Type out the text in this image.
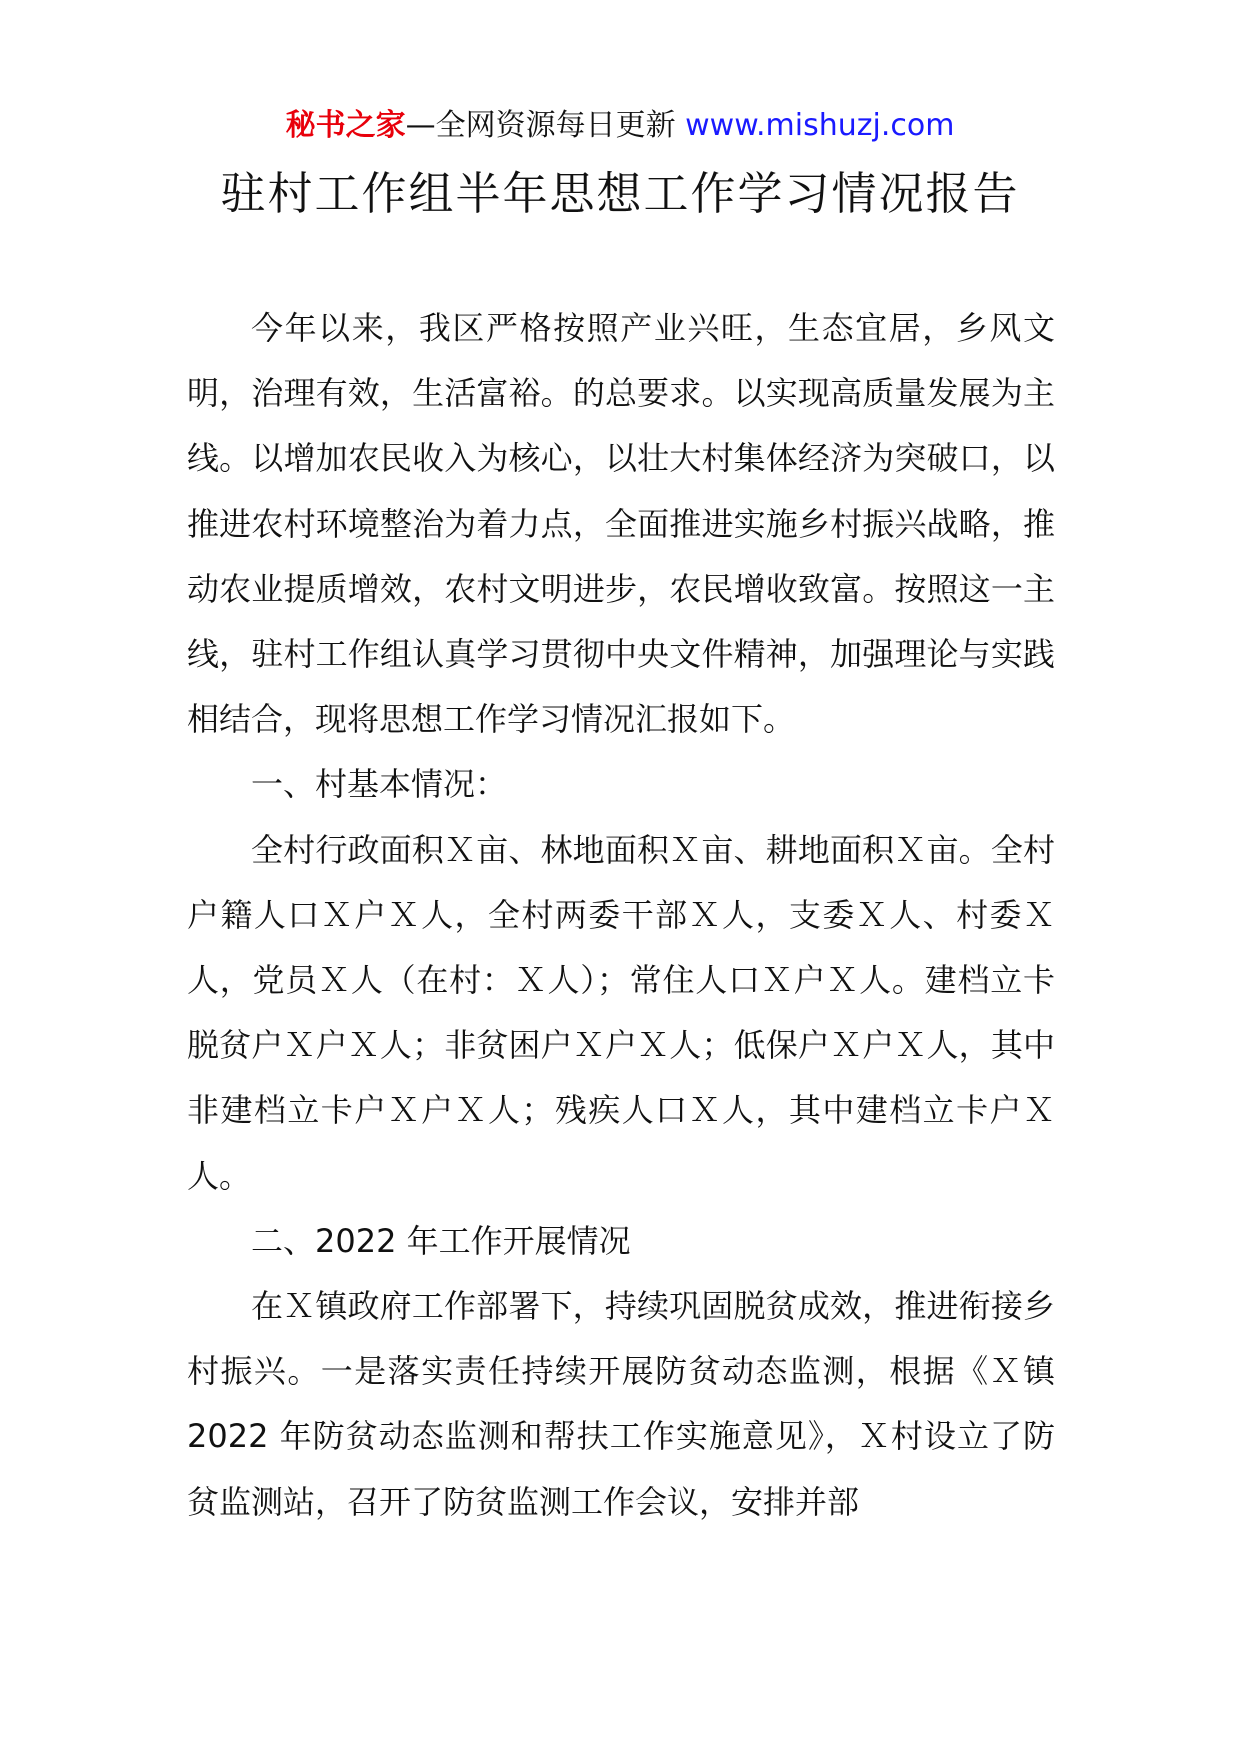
秘书之家—全网资源每日更新 www.mishuzj.com
驻村工作组半年思想工作学习情况报告

今年以来，我区严格按照产业兴旺，生态宜居，乡风文明，治理有效，生活富裕。的总要求。以实现高质量发展为主线。以增加农民收入为核心，以壮大村集体经济为突破口，以推进农村环境整治为着力点，全面推进实施乡村振兴战略，推动农业提质增效，农村文明进步，农民增收致富。按照这一主线，驻村工作组认真学习贯彻中央文件精神，加强理论与实践相结合，现将思想工作学习情况汇报如下。

一、村基本情况：

全村行政面积Ｘ亩、林地面积Ｘ亩、耕地面积Ｘ亩。全村户籍人口Ｘ户Ｘ人，全村两委干部Ｘ人，支委Ｘ人、村委Ｘ人，党员Ｘ人（在村：Ｘ人）；常住人口Ｘ户Ｘ人。建档立卡脱贫户Ｘ户Ｘ人；非贫困户Ｘ户Ｘ人；低保户Ｘ户Ｘ人，其中非建档立卡户Ｘ户Ｘ人；残疾人口Ｘ人，其中建档立卡户Ｘ人。

二、2022 年工作开展情况

在Ｘ镇政府工作部署下，持续巩固脱贫成效，推进衔接乡村振兴。一是落实责任持续开展防贫动态监测，根据《Ｘ镇 2022 年防贫动态监测和帮扶工作实施意见》，Ｘ村设立了防贫监测站，召开了防贫监测工作会议，安排并部
